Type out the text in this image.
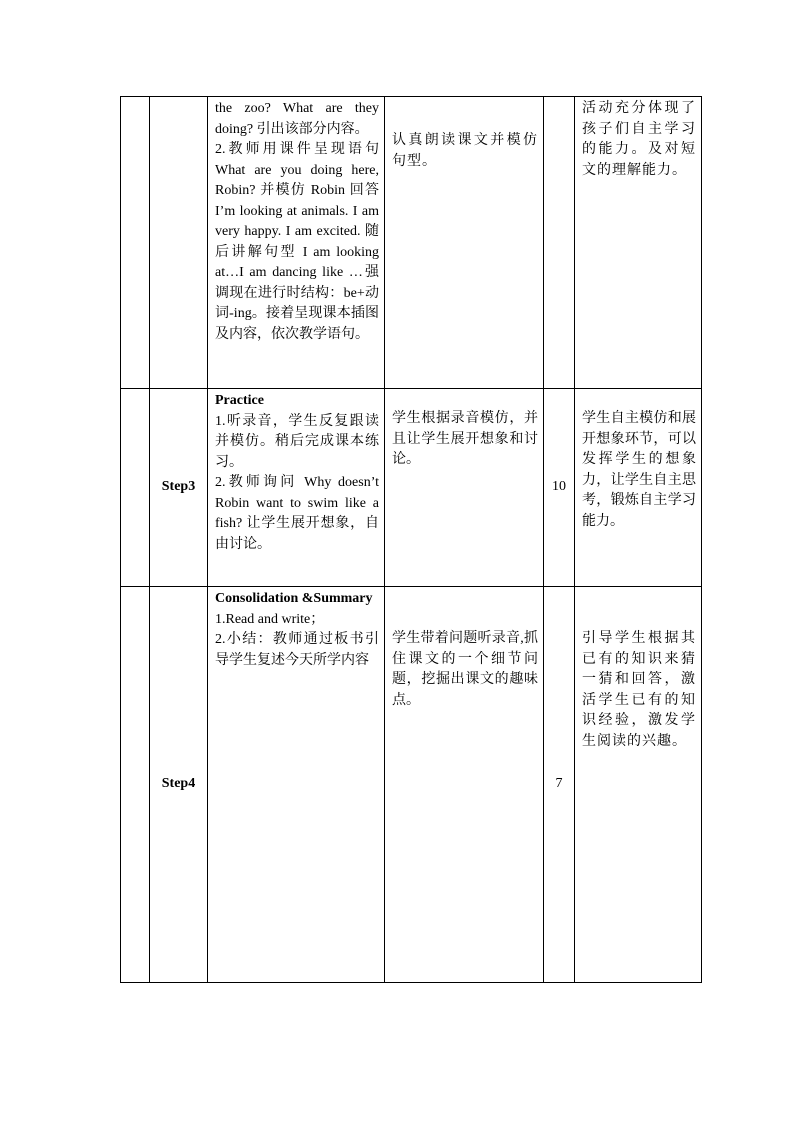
		the zoo? What are they doing? 引出该部分内容。
2.教师用课件呈现语句 What are you doing here, Robin? 并模仿 Robin 回答 I’m looking at animals. I am very happy. I am excited. 随后讲解句型 I am looking at…I am dancing like …强调现在进行时结构：be+动词-ing。接着呈现课本插图及内容，依次教学语句。	认真朗读课文并模仿句型。		活动充分体现了孩子们自主学习的能力。及对短文的理解能力。
	Step3	Practice
1.听录音，学生反复跟读并模仿。稍后完成课本练习。
2.教师询问 Why doesn’t Robin want to swim like a fish? 让学生展开想象，自由讨论。	学生根据录音模仿，并且让学生展开想象和讨论。	10	学生自主模仿和展开想象环节，可以发挥学生的想象力，让学生自主思考，锻炼自主学习能力。
	Step4	Consolidation &Summary
1.Read and write；
2.小结：教师通过板书引导学生复述今天所学内容	学生带着问题听录音,抓住课文的一个细节问题，挖掘出课文的趣味点。	7	引导学生根据其已有的知识来猜一猜和回答，激活学生已有的知识经验，激发学生阅读的兴趣。
